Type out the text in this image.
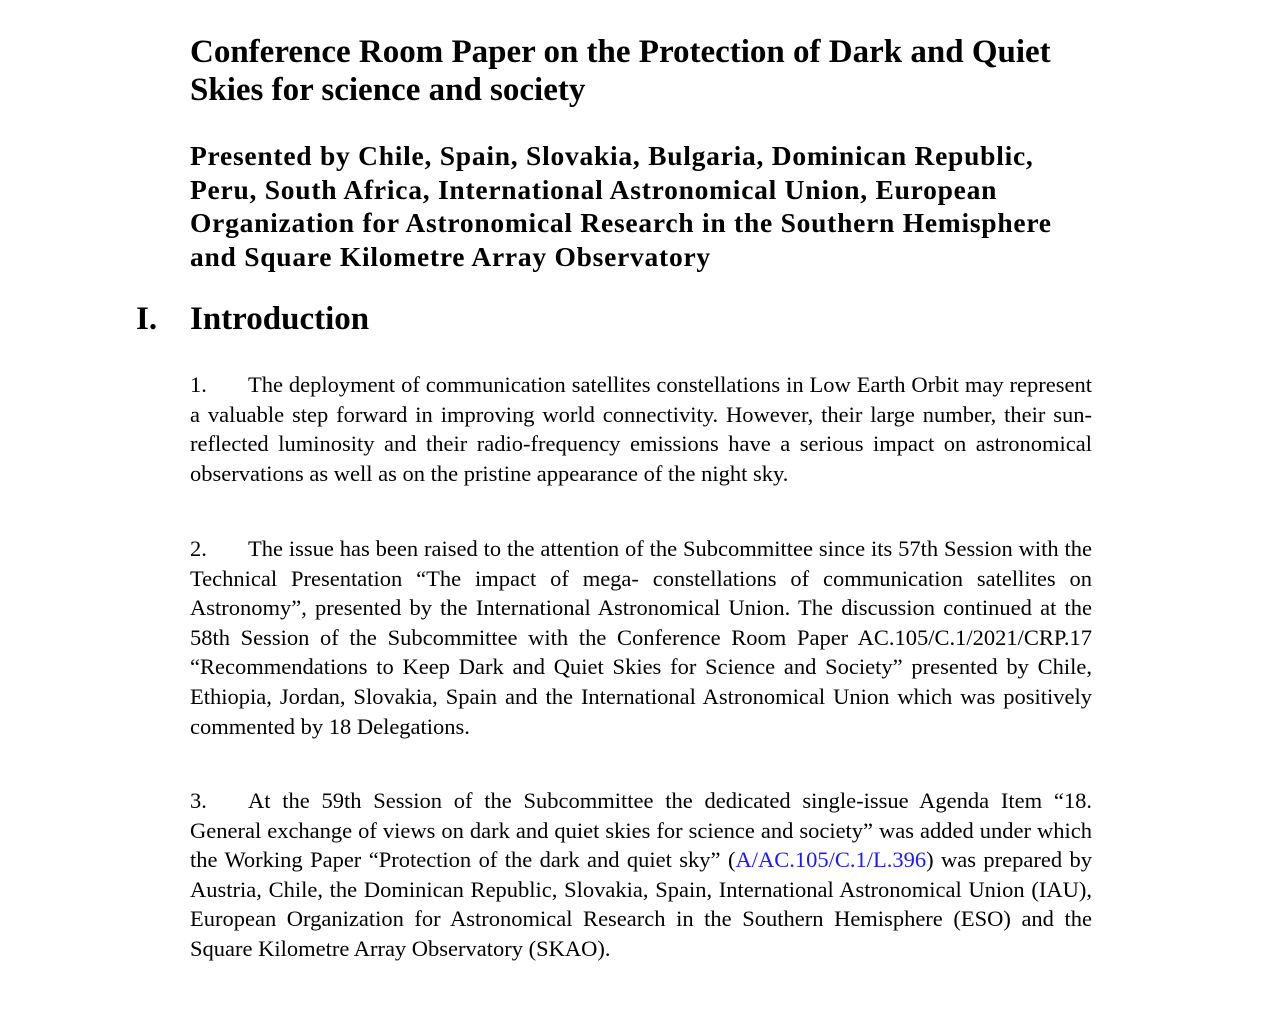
Conference Room Paper on the Protection of Dark and Quiet Skies for science and society
Presented by Chile, Spain, Slovakia, Bulgaria, Dominican Republic, Peru, South Africa, International Astronomical Union, European Organization for Astronomical Research in the Southern Hemisphere and Square Kilometre Array Observatory
I. Introduction

1. The deployment of communication satellites constellations in Low Earth Orbit may represent a valuable step forward in improving world connectivity. However, their large number, their sun-reflected luminosity and their radio-frequency emissions have a serious impact on astronomical observations as well as on the pristine appearance of the night sky.

2. The issue has been raised to the attention of the Subcommittee since its 57th Session with the Technical Presentation “The impact of mega- constellations of communication satellites on Astronomy”, presented by the International Astronomical Union. The discussion continued at the 58th Session of the Subcommittee with the Conference Room Paper AC.105/C.1/2021/CRP.17 “Recommendations to Keep Dark and Quiet Skies for Science and Society” presented by Chile, Ethiopia, Jordan, Slovakia, Spain and the International Astronomical Union which was positively commented by 18 Delegations.

3. At the 59th Session of the Subcommittee the dedicated single-issue Agenda Item “18. General exchange of views on dark and quiet skies for science and society” was added under which the Working Paper “Protection of the dark and quiet sky” (A/AC.105/C.1/L.396) was prepared by Austria, Chile, the Dominican Republic, Slovakia, Spain, International Astronomical Union (IAU), European Organization for Astronomical Research in the Southern Hemisphere (ESO) and the Square Kilometre Array Observatory (SKAO).
